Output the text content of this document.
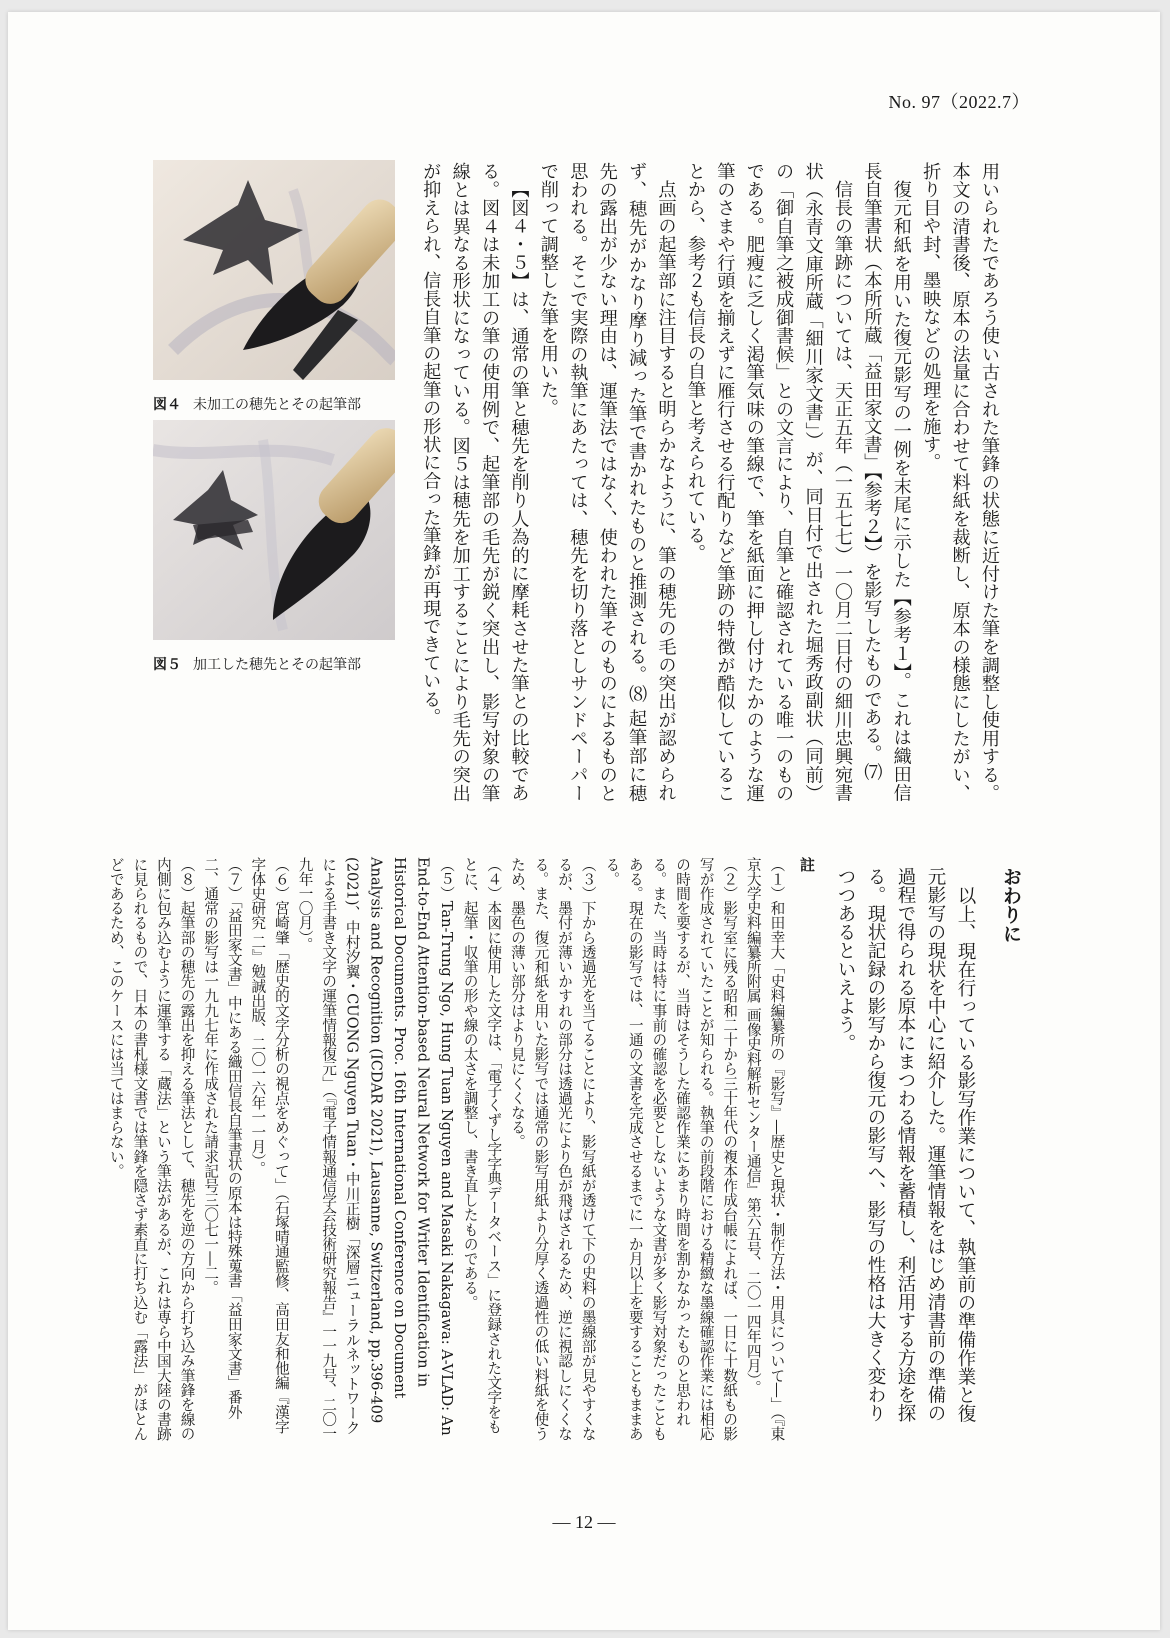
No. 97（2022.7）
図４ 未加工の穂先とその起筆部
図５ 加工した穂先とその起筆部	用いられたであろう使い古された筆鋒の状態に近付けた筆を調整し使用する。本文の清書後、原本の法量に合わせて料紙を裁断し、原本の様態にしたがい、折り目や封、墨映などの処理を施す。

復元和紙を用いた復元影写の一例を末尾に示した【参考１】。これは織田信長自筆書状（本所所蔵「益田家文書」【参考２】）を影写したものである。⑺

信長の筆跡については、天正五年（一五七七）一〇月二日付の細川忠興宛書状（永青文庫所蔵「細川家文書」）が、同日付で出された堀秀政副状（同前）の「御自筆之被成御書候」との文言により、自筆と確認されている唯一のものである。肥瘦に乏しく渇筆気味の筆線で、筆を紙面に押し付けたかのような運筆のさまや行頭を揃えずに雁行させる行配りなど筆跡の特徴が酷似していることから、参考２も信長の自筆と考えられている。

点画の起筆部に注目すると明らかなように、筆の穂先の毛の突出が認められず、穂先がかなり摩り減った筆で書かれたものと推測される。⑻ 起筆部に穂先の露出が少ない理由は、運筆法ではなく、使われた筆そのものによるものと思われる。そこで実際の執筆にあたっては、穂先を切り落としサンドペーパーで削って調整した筆を用いた。

【図４・５】は、通常の筆と穂先を削り人為的に摩耗させた筆との比較である。図４は未加工の筆の使用例で、起筆部の毛先が鋭く突出し、影写対象の筆線とは異なる形状になっている。図５は穂先を加工することにより毛先の突出が抑えられ、信長自筆の起筆の形状に合った筆鋒が再現できている。

おわりに

以上、現在行っている影写作業について、執筆前の準備作業と復元影写の現状を中心に紹介した。運筆情報をはじめ清書前の準備の過程で得られる原本にまつわる情報を蓄積し、利活用する方途を探る。現状記録の影写から復元の影写へ、影写の性格は大きく変わりつつあるといえよう。

註

（１）和田幸大「史料編纂所の『影写』―歴史と現状・制作方法・用具について―」（『東京大学史料編纂所附属 画像史料解析センター通信』第六五号、二〇一四年四月）。

（２）影写室に残る昭和二十から三十年代の複本作成台帳によれば、一日に十数紙もの影写が作成されていたことが知られる。執筆の前段階における精緻な墨線確認作業には相応の時間を要するが、当時はそうした確認作業にあまり時間を割かなかったものと思われる。また、当時は特に事前の確認を必要としないような文書が多く影写対象だったこともある。現在の影写では、一通の文書を完成させるまでに一か月以上を要することもままある。

（３）下から透過光を当てることにより、影写紙が透けて下の史料の墨線部が見やすくなるが、墨付が薄いかすれの部分は透過光により色が飛ばされるため、逆に視認しにくくなる。また、復元和紙を用いた影写では通常の影写用紙より分厚く透過性の低い料紙を使うため、墨色の薄い部分はより見にくくなる。

（４）本図に使用した文字は、「電子くずし字字典データベース」に登録された文字をもとに、起筆・収筆の形や線の太さを調整し、書き直したものである。

（５）Tan-Trung Ngo, Hung Tuan Nguyen and Masaki Nakagawa: A-VLAD: An End-to-End Attention-based Neural Network for Writer Identification in Historical Documents. Proc. 16th International Conference on Document Analysis and Recognition (ICDAR 2021), Lausanne, Switzerland, pp.396-409 (2021)、中村汐翼・CUONG Nguyen Tuan・中川正樹「深層ニューラルネットワークによる手書き文字の運筆情報復元」（『電子情報通信学会技術研究報告』一一九号、二〇一九年一〇月）。

（６）宮崎肇「歴史的文字分析の視点をめぐって」（石塚晴通監修、高田友和他編『漢字字体史研究 二』勉誠出版、二〇一六年一一月）。

（７）「益田家文書」中にある織田信長自筆書状の原本は特殊蒐書「益田家文書」番外二、通常の影写は一九九七年に作成された請求記号三〇七一―二。

（８）起筆部の穂先の露出を抑える筆法として、穂先を逆の方向から打ち込み筆鋒を線の内側に包み込むように運筆する「蔵法」という筆法があるが、これは専ら中国大陸の書跡に見られるもので、日本の書札様文書では筆鋒を隠さず素直に打ち込む「露法」がほとんどであるため、このケースには当てはまらない。

― 12 ―
